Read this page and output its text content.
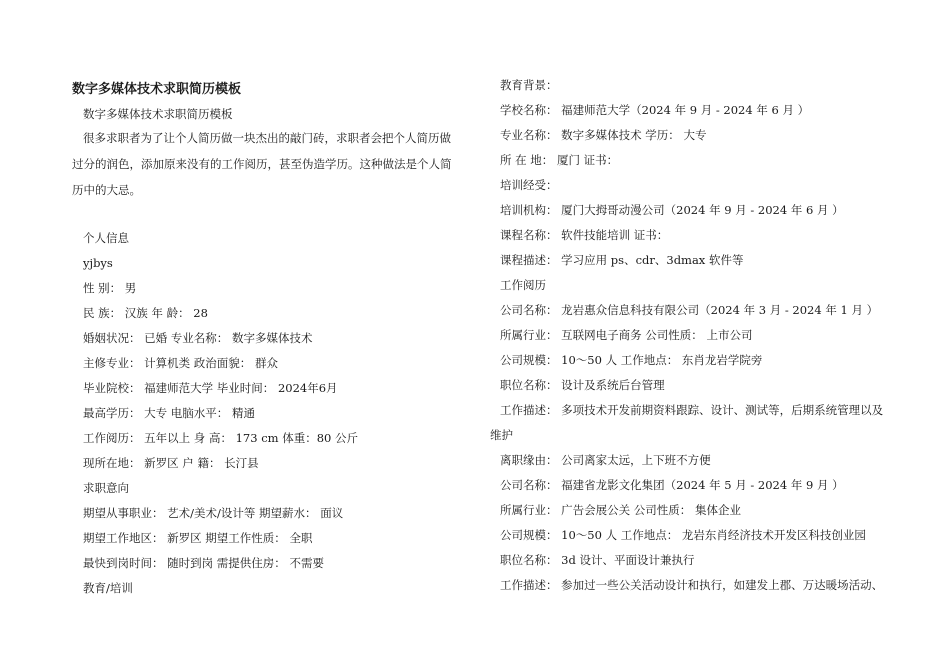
数字多媒体技术求职简历模板
数字多媒体技术求职简历模板
很多求职者为了让个人简历做一块杰出的敲门砖，求职者会把个人简历做过分的润色，添加原来没有的工作阅历，甚至伪造学历。这种做法是个人简历中的大忌。
个人信息
yjbys
性 别： 男
民 族： 汉族 年 龄： 28
婚姻状况： 已婚 专业名称： 数字多媒体技术
主修专业： 计算机类 政治面貌： 群众
毕业院校： 福建师范大学 毕业时间： 2024年6月
最高学历： 大专 电脑水平： 精通
工作阅历： 五年以上 身 高： 173 cm 体重：80 公斤
现所在地： 新罗区 户 籍： 长汀县
求职意向
期望从事职业： 艺术/美术/设计等 期望薪水： 面议
期望工作地区： 新罗区 期望工作性质： 全职
最快到岗时间： 随时到岗 需提供住房： 不需要
教育/培训
教育背景：
学校名称： 福建师范大学（2024 年 9 月 - 2024 年 6 月 ）
专业名称： 数字多媒体技术 学历： 大专
所 在 地： 厦门 证书：
培训经受：
培训机构： 厦门大拇哥动漫公司（2024 年 9 月 - 2024 年 6 月 ）
课程名称： 软件技能培训 证书：
课程描述： 学习应用 ps、cdr、3dmax 软件等
工作阅历
公司名称： 龙岩惠众信息科技有限公司（2024 年 3 月 - 2024 年 1 月 ）
所属行业： 互联网电子商务 公司性质： 上市公司
公司规模： 10～50 人 工作地点： 东肖龙岩学院旁
职位名称： 设计及系统后台管理
工作描述： 多项技术开发前期资料跟踪、设计、测试等，后期系统管理以及
维护
离职缘由： 公司离家太远，上下班不方便
公司名称： 福建省龙影文化集团（2024 年 5 月 - 2024 年 9 月 ）
所属行业： 广告会展公关 公司性质： 集体企业
公司规模： 10～50 人 工作地点： 龙岩东肖经济技术开发区科技创业园
职位名称： 3d 设计、平面设计兼执行
工作描述： 参加过一些公关活动设计和执行，如建发上郡、万达暖场活动、
